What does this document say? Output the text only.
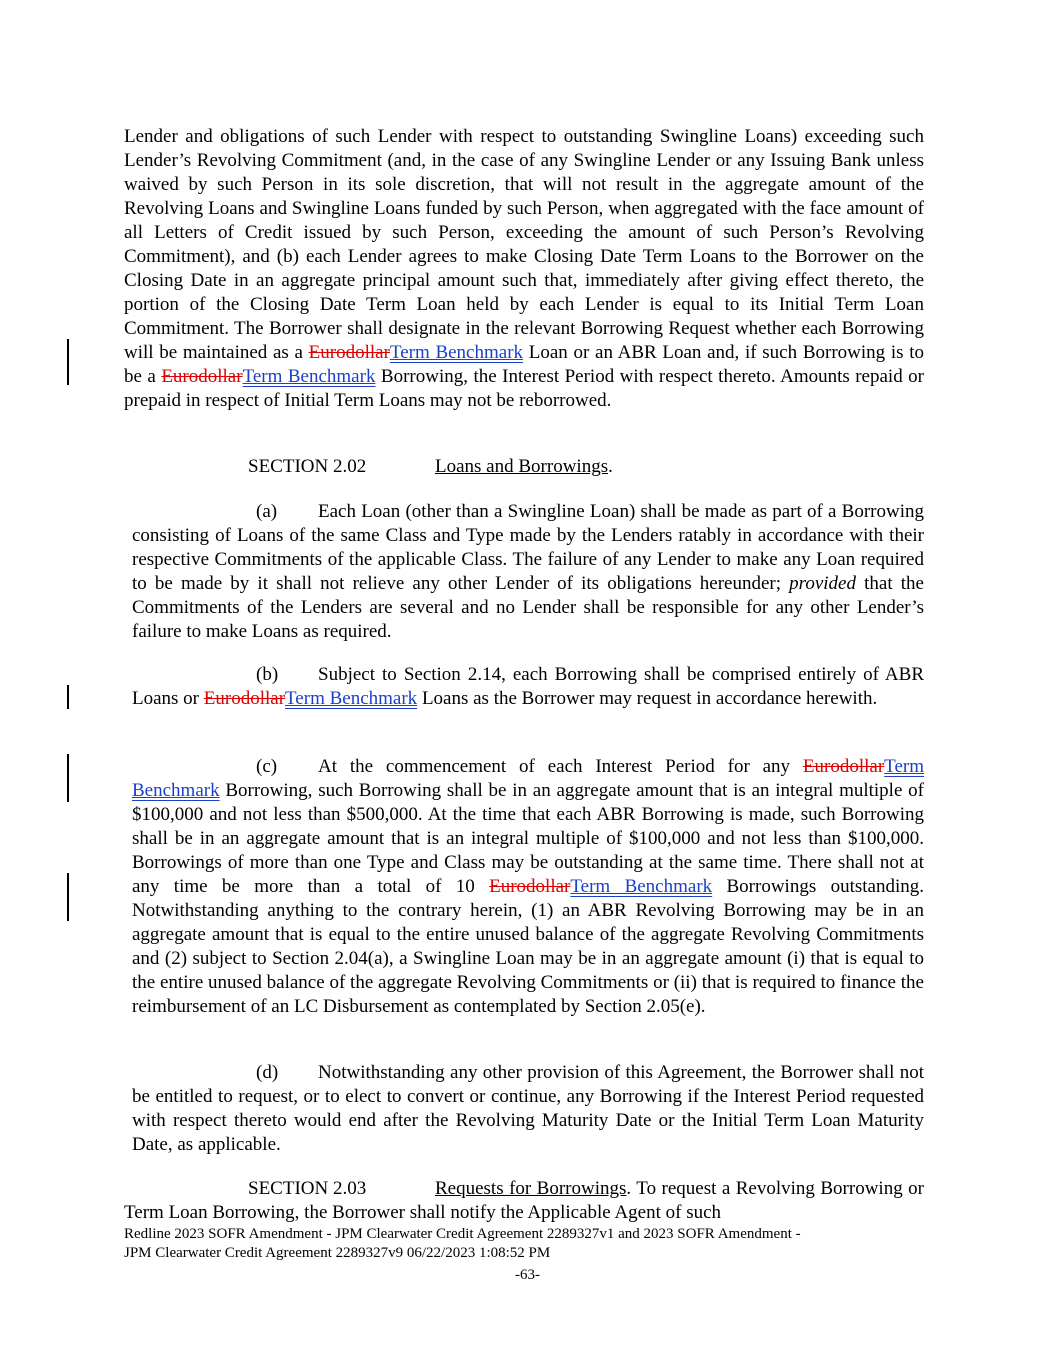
Lender and obligations of such Lender with respect to outstanding Swingline Loans) exceeding such Lender’s Revolving Commitment (and, in the case of any Swingline Lender or any Issuing Bank unless waived by such Person in its sole discretion, that will not result in the aggregate amount of the Revolving Loans and Swingline Loans funded by such Person, when aggregated with the face amount of all Letters of Credit issued by such Person, exceeding the amount of such Person’s Revolving Commitment), and (b) each Lender agrees to make Closing Date Term Loans to the Borrower on the Closing Date in an aggregate principal amount such that, immediately after giving effect thereto, the portion of the Closing Date Term Loan held by each Lender is equal to its Initial Term Loan Commitment. The Borrower shall designate in the relevant Borrowing Request whether each Borrowing will be maintained as a EurodollarTerm Benchmark Loan or an ABR Loan and, if such Borrowing is to be a EurodollarTerm Benchmark Borrowing, the Interest Period with respect thereto. Amounts repaid or prepaid in respect of Initial Term Loans may not be reborrowed.

SECTION 2.02	Loans and Borrowings.

(a) Each Loan (other than a Swingline Loan) shall be made as part of a Borrowing consisting of Loans of the same Class and Type made by the Lenders ratably in accordance with their respective Commitments of the applicable Class. The failure of any Lender to make any Loan required to be made by it shall not relieve any other Lender of its obligations hereunder; provided that the Commitments of the Lenders are several and no Lender shall be responsible for any other Lender’s failure to make Loans as required.

(b) Subject to Section 2.14, each Borrowing shall be comprised entirely of ABR Loans or EurodollarTerm Benchmark Loans as the Borrower may request in accordance herewith.

(c) At the commencement of each Interest Period for any EurodollarTerm Benchmark Borrowing, such Borrowing shall be in an aggregate amount that is an integral multiple of $100,000 and not less than $500,000. At the time that each ABR Borrowing is made, such Borrowing shall be in an aggregate amount that is an integral multiple of $100,000 and not less than $100,000. Borrowings of more than one Type and Class may be outstanding at the same time. There shall not at any time be more than a total of 10 EurodollarTerm Benchmark Borrowings outstanding. Notwithstanding anything to the contrary herein, (1) an ABR Revolving Borrowing may be in an aggregate amount that is equal to the entire unused balance of the aggregate Revolving Commitments and (2) subject to Section 2.04(a), a Swingline Loan may be in an aggregate amount (i) that is equal to the entire unused balance of the aggregate Revolving Commitments or (ii) that is required to finance the reimbursement of an LC Disbursement as contemplated by Section 2.05(e).

(d) Notwithstanding any other provision of this Agreement, the Borrower shall not be entitled to request, or to elect to convert or continue, any Borrowing if the Interest Period requested with respect thereto would end after the Revolving Maturity Date or the Initial Term Loan Maturity Date, as applicable.

SECTION 2.03	Requests for Borrowings. To request a Revolving Borrowing or Term Loan Borrowing, the Borrower shall notify the Applicable Agent of such

Redline 2023 SOFR Amendment - JPM Clearwater Credit Agreement 2289327v1 and 2023 SOFR Amendment -
JPM Clearwater Credit Agreement 2289327v9 06/22/2023 1:08:52 PM
-63-
